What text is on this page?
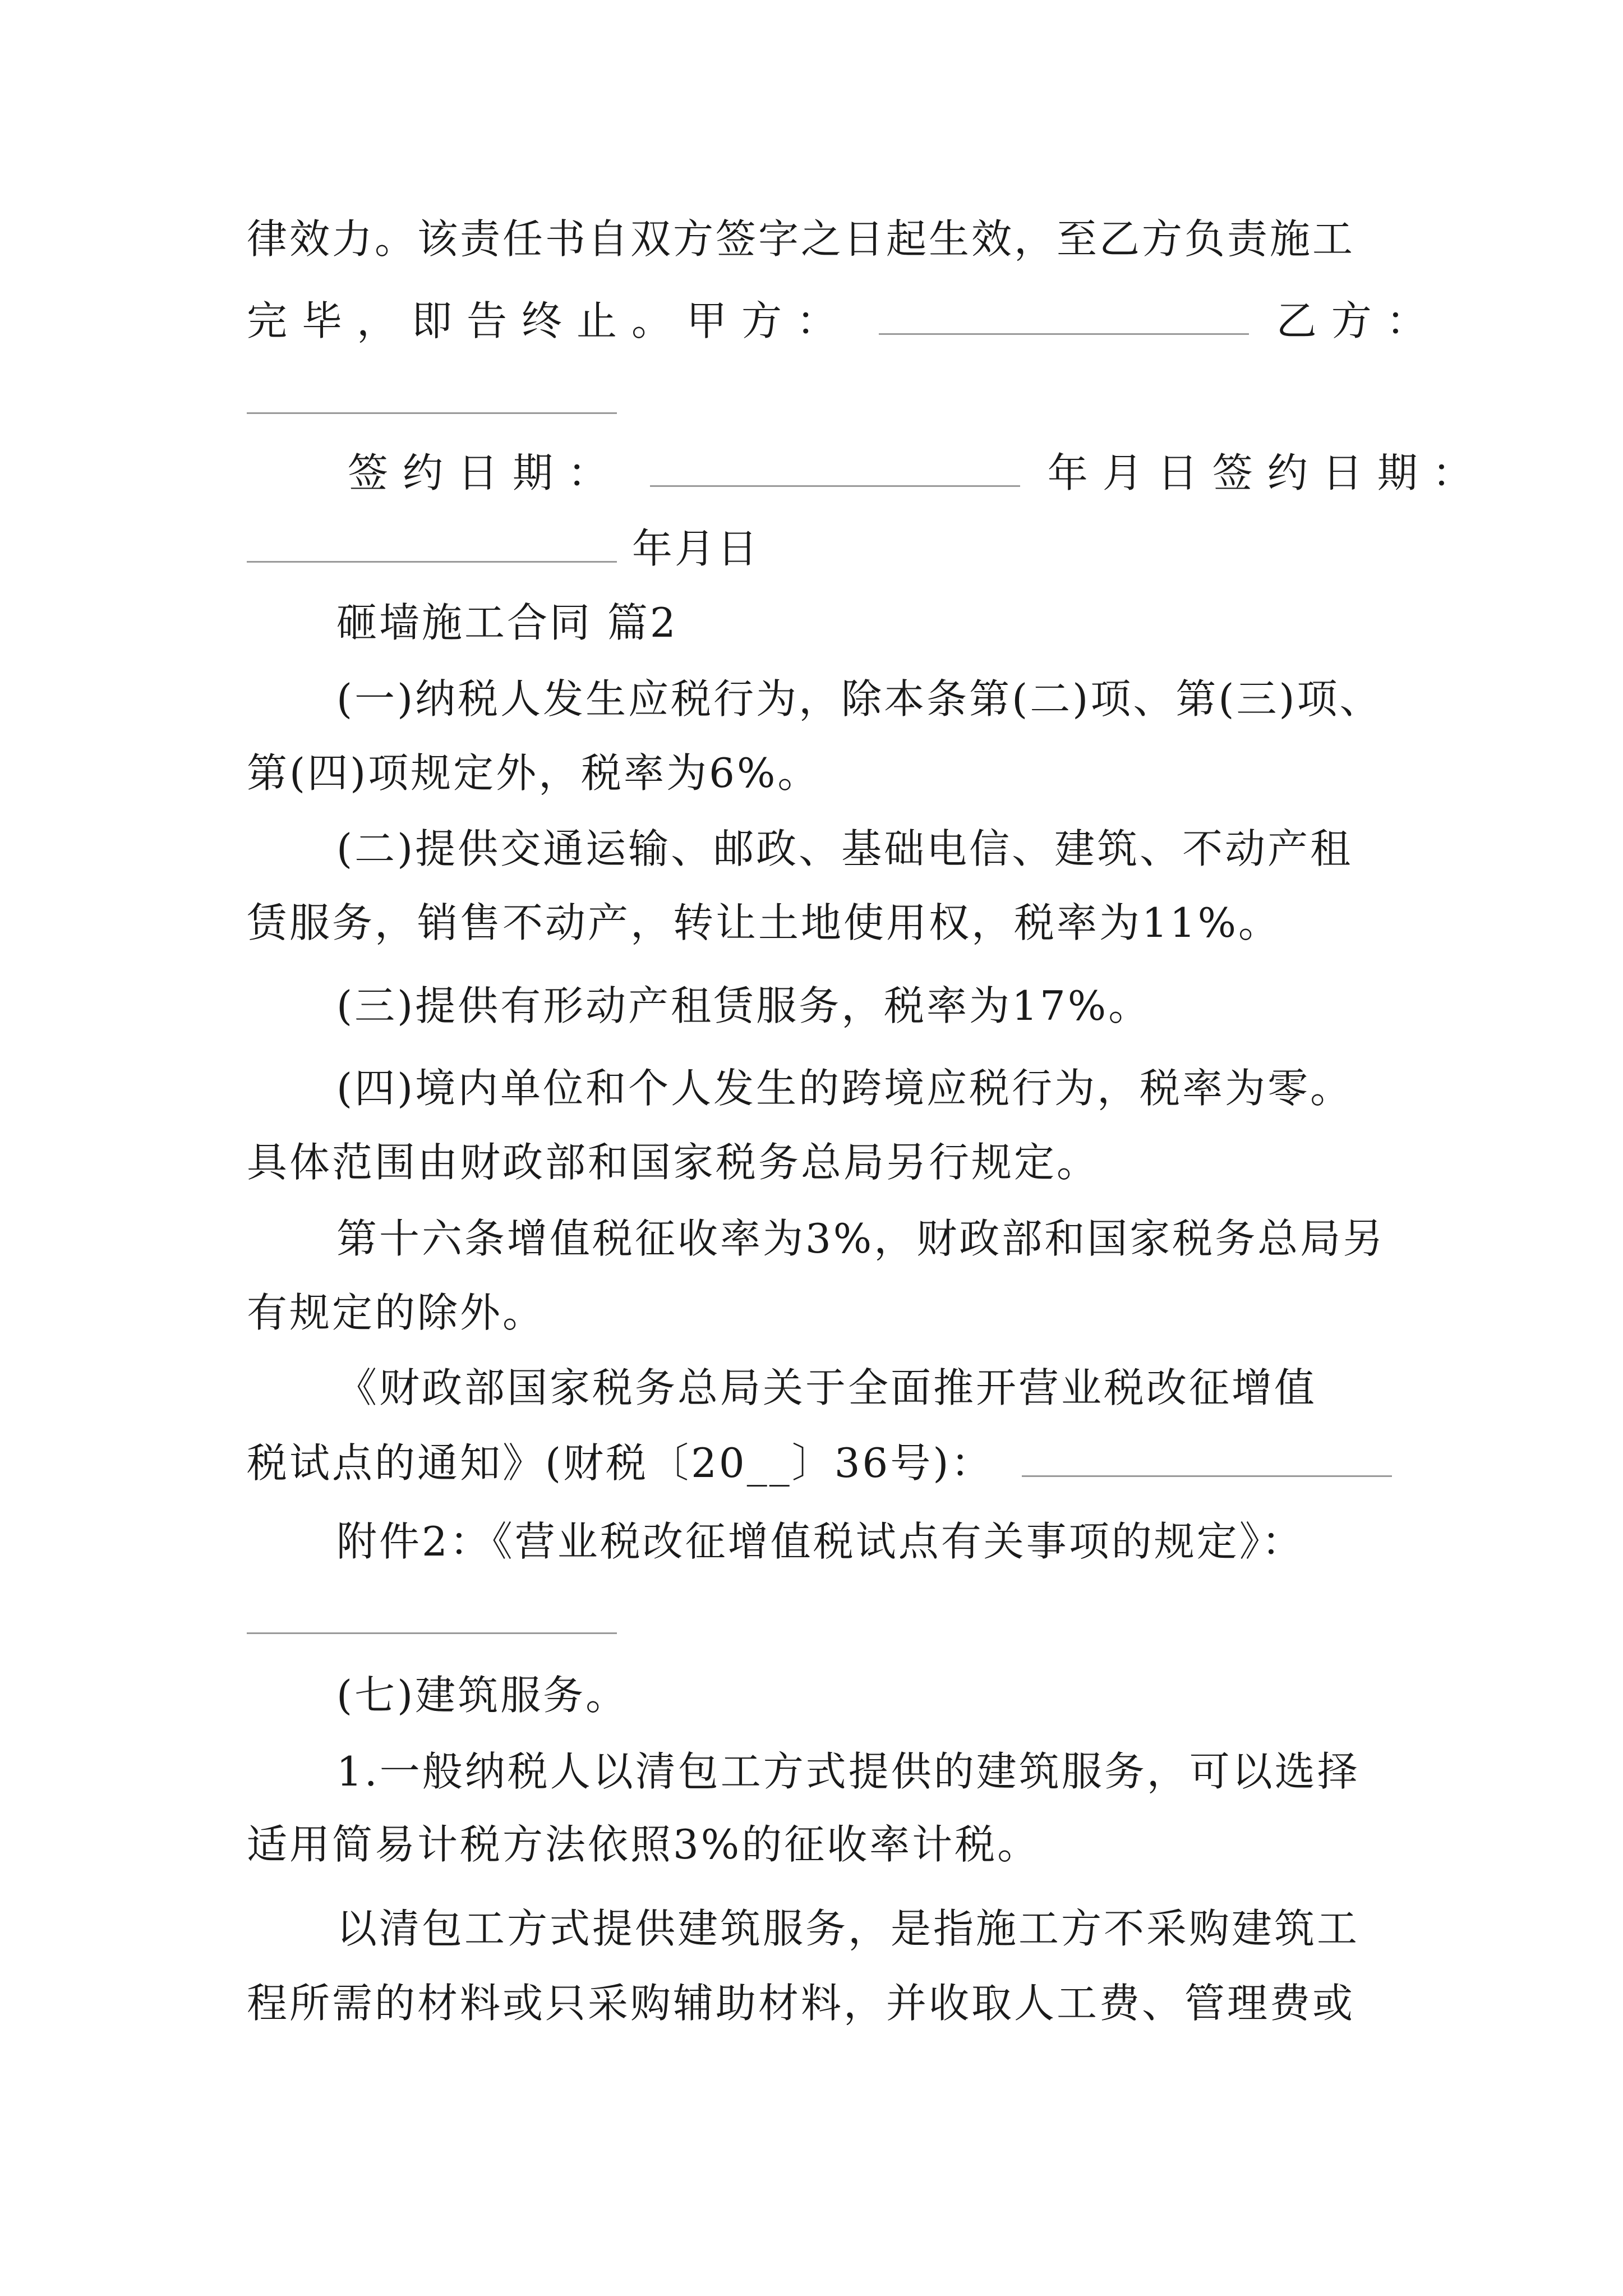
律效力。该责任书自双方签字之日起生效，至乙方负责施工
完毕，即告终止。甲方：	乙方：
签约日期：	年月日签约日期：
年月日
砸墙施工合同 篇2
(一)纳税人发生应税行为，除本条第(二)项、第(三)项、
第(四)项规定外，税率为6%。
(二)提供交通运输、邮政、基础电信、建筑、不动产租
赁服务，销售不动产，转让土地使用权，税率为11%。
(三)提供有形动产租赁服务，税率为17%。
(四)境内单位和个人发生的跨境应税行为，税率为零。
具体范围由财政部和国家税务总局另行规定。
第十六条增值税征收率为3%，财政部和国家税务总局另
有规定的除外。
《财政部国家税务总局关于全面推开营业税改征增值
税试点的通知》(财税〔20__〕36号)：
附件2：《营业税改征增值税试点有关事项的规定》：
(七)建筑服务。
1.一般纳税人以清包工方式提供的建筑服务，可以选择
适用简易计税方法依照3%的征收率计税。
以清包工方式提供建筑服务，是指施工方不采购建筑工
程所需的材料或只采购辅助材料，并收取人工费、管理费或
